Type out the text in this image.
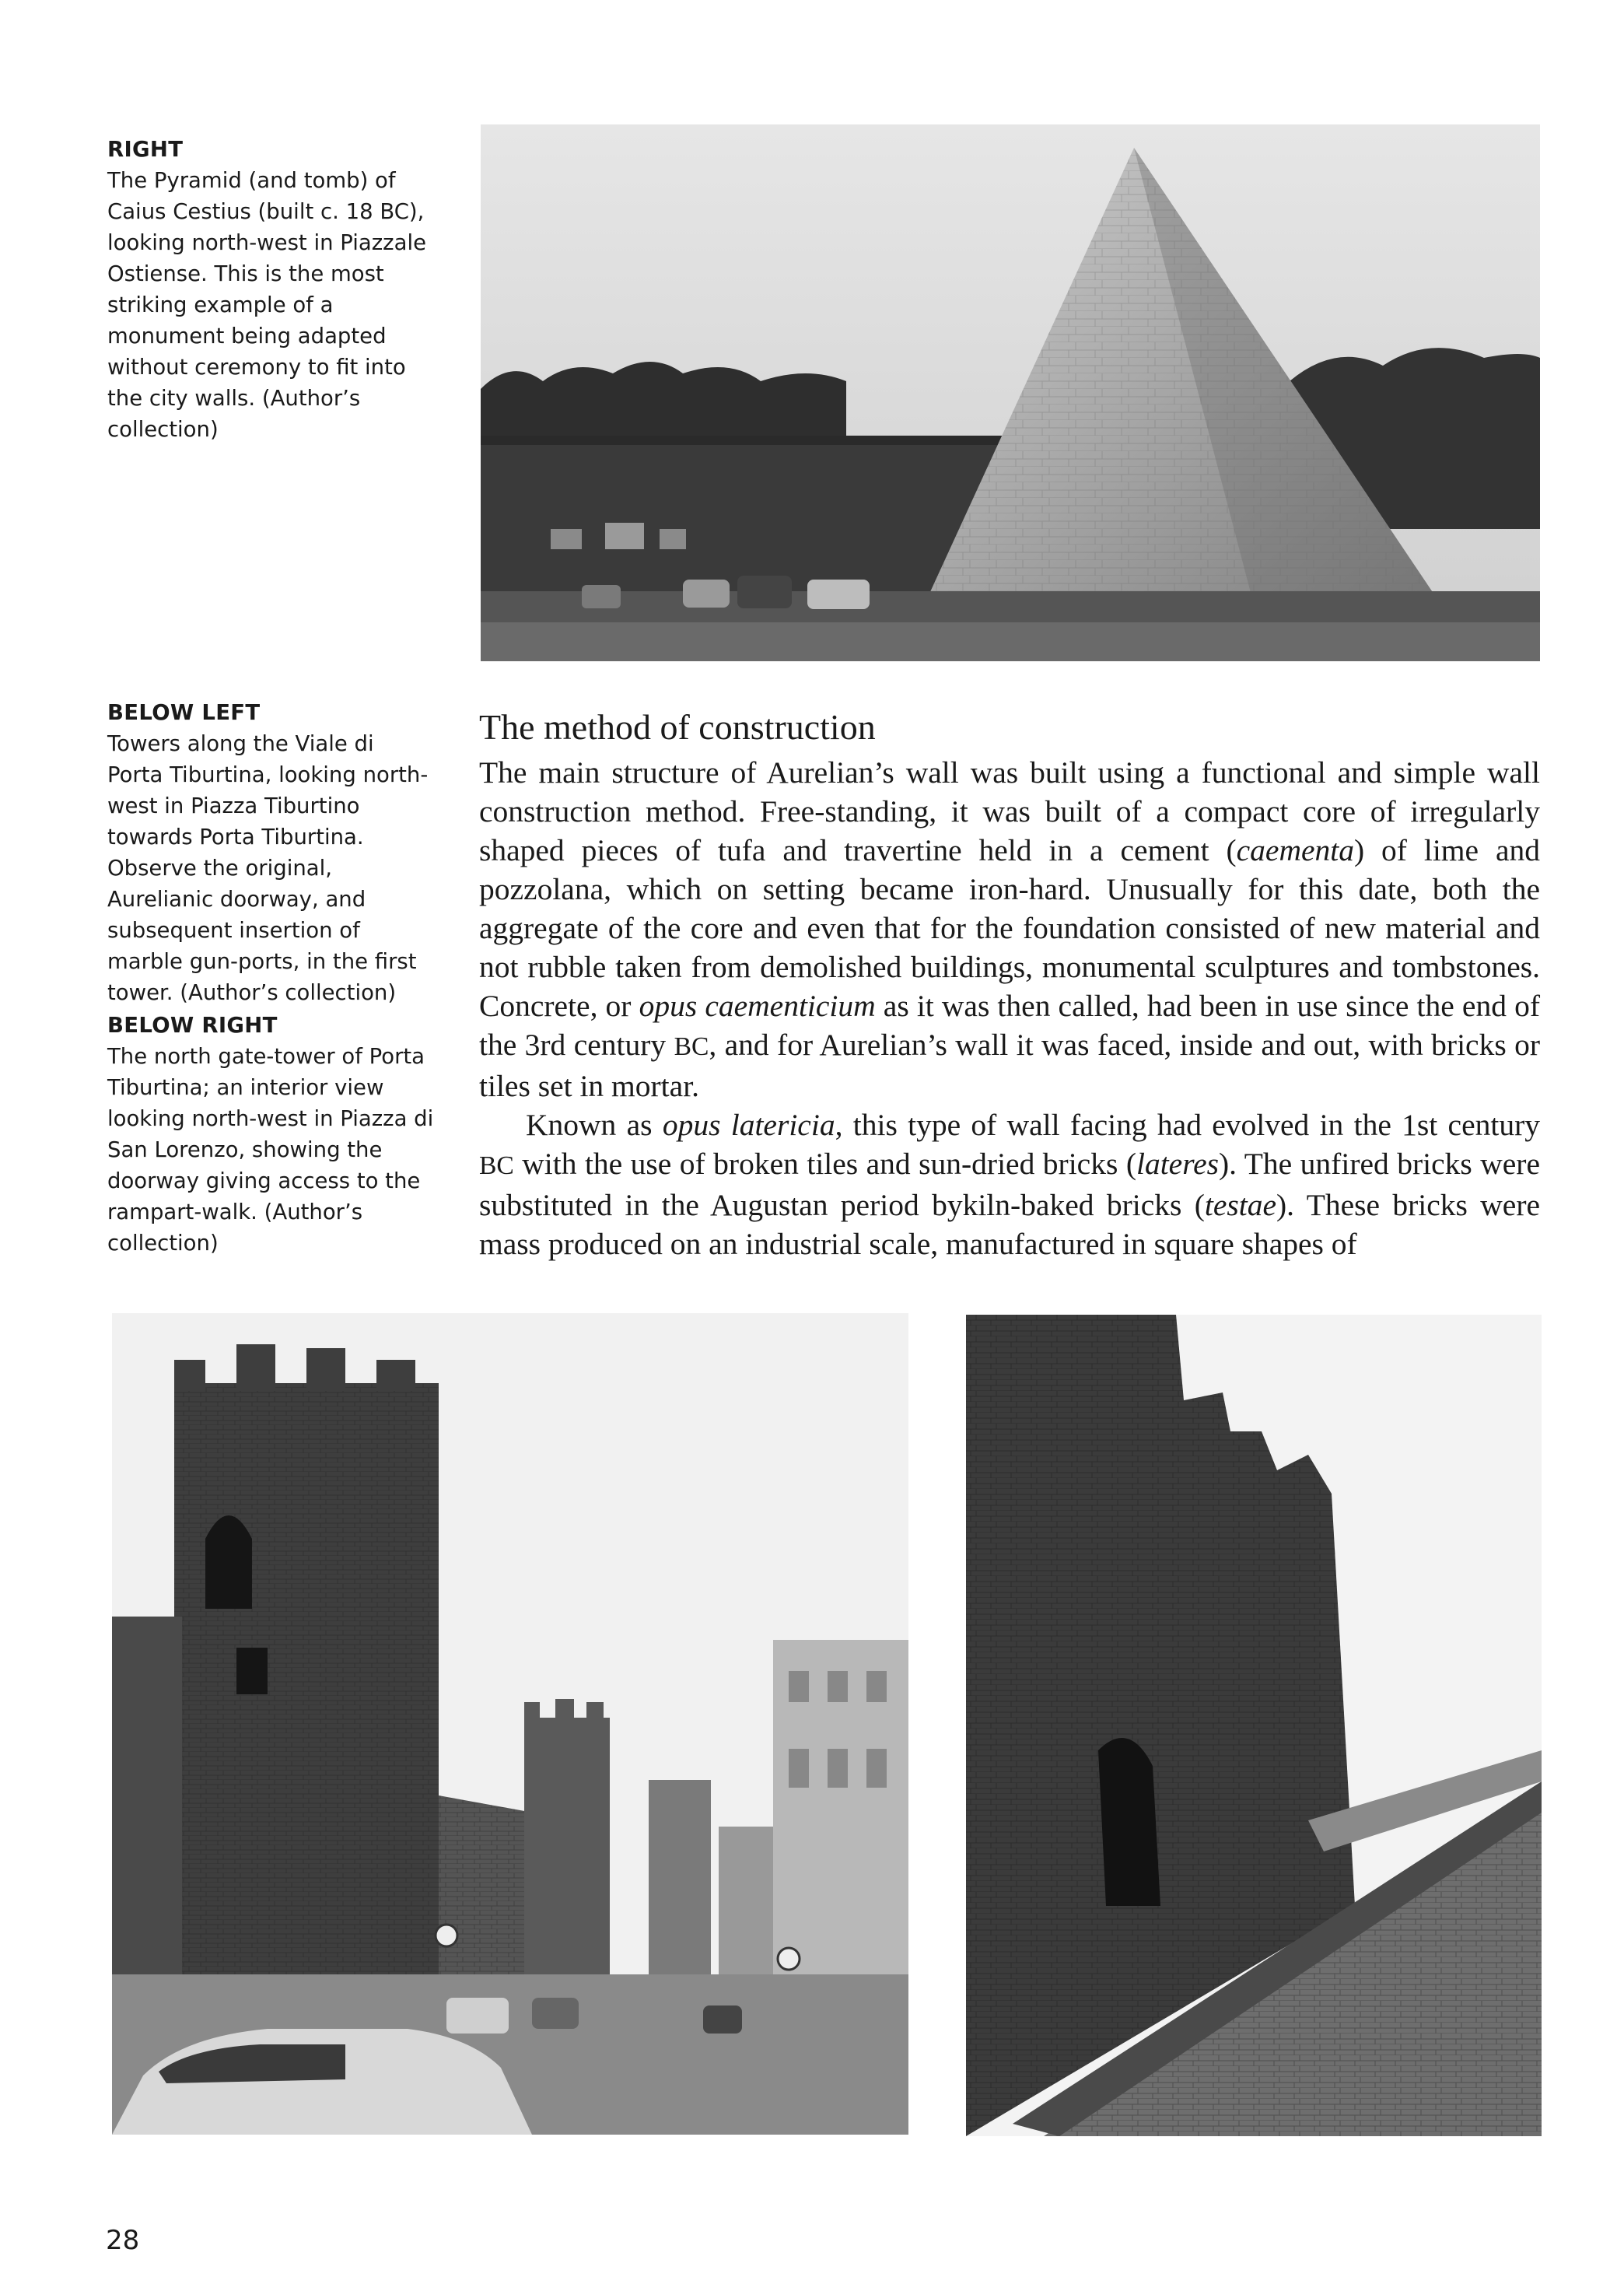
RIGHT
The Pyramid (and tomb) of Caius Cestius (built c. 18 BC), looking north-west in Piazzale Ostiense. This is the most striking example of a monument being adapted without ceremony to fit into the city walls. (Author’s collection)
BELOW LEFT
Towers along the Viale di Porta Tiburtina, looking north-west in Piazza Tiburtino towards Porta Tiburtina. Observe the original, Aurelianic doorway, and subsequent insertion of marble gun-ports, in the first tower. (Author’s collection)
BELOW RIGHT
The north gate-tower of Porta Tiburtina; an interior view looking north-west in Piazza di San Lorenzo, showing the doorway giving access to the rampart-walk. (Author’s collection)
The method of construction

The main structure of Aurelian’s wall was built using a functional and simple wall construction method. Free-standing, it was built of a compact core of irregularly shaped pieces of tufa and travertine held in a cement (caementa) of lime and pozzolana, which on setting became iron-hard. Unusually for this date, both the aggregate of the core and even that for the foundation consisted of new material and not rubble taken from demolished buildings, monumental sculptures and tombstones. Concrete, or opus caementicium as it was then called, had been in use since the end of the 3rd century BC, and for Aurelian’s wall it was faced, inside and out, with bricks or tiles set in mortar.

Known as opus latericia, this type of wall facing had evolved in the 1st century BC with the use of broken tiles and sun-dried bricks (lateres). The unfired bricks were substituted in the Augustan period bykiln-baked bricks (testae). These bricks were mass produced on an industrial scale, manufactured in square shapes of

28
